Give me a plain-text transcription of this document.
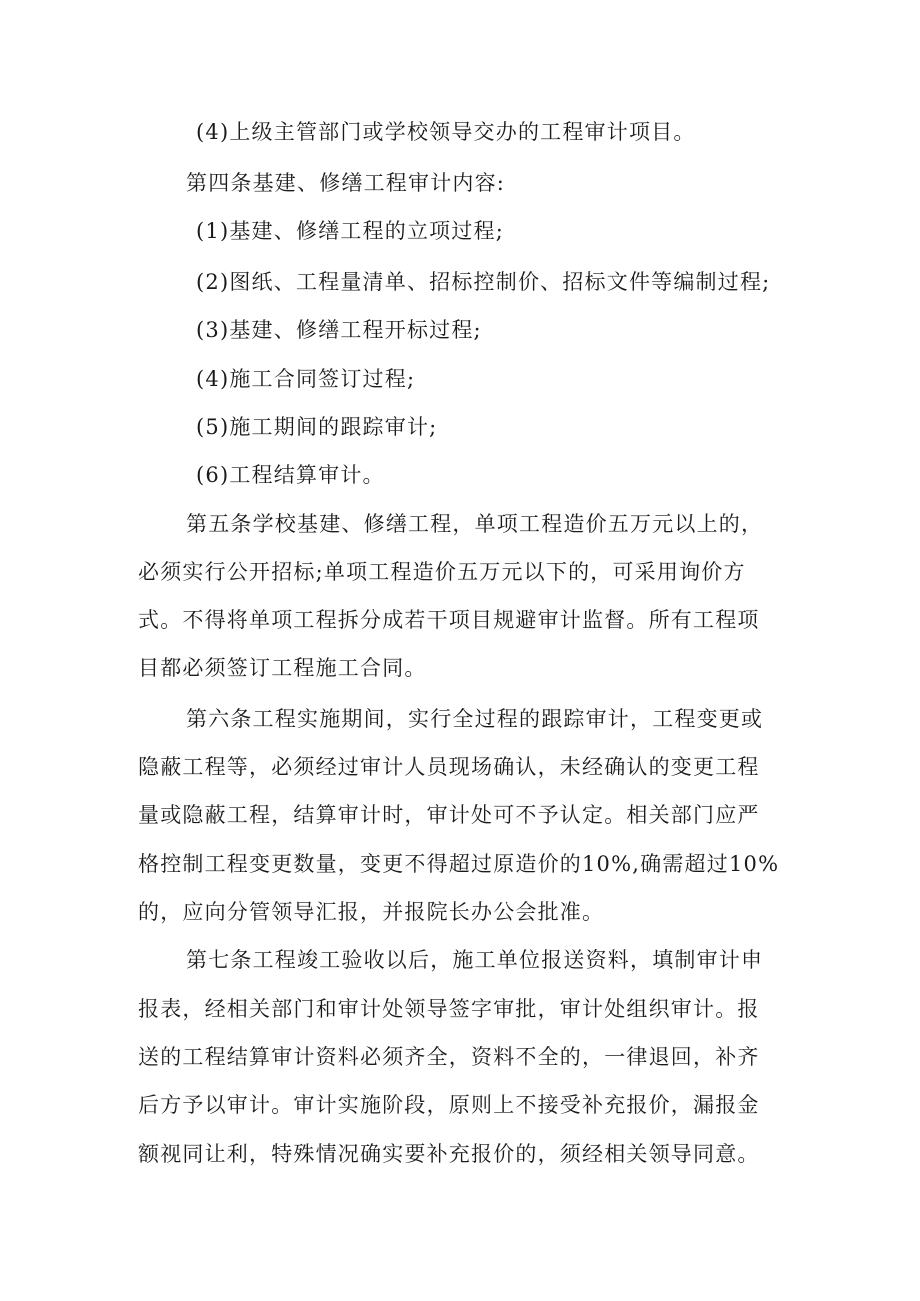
(4)上级主管部门或学校领导交办的工程审计项目。

第四条基建、修缮工程审计内容:

(1)基建、修缮工程的立项过程;

(2)图纸、工程量清单、招标控制价、招标文件等编制过程;

(3)基建、修缮工程开标过程;

(4)施工合同签订过程;

(5)施工期间的跟踪审计;

(6)工程结算审计。

第五条学校基建、修缮工程，单项工程造价五万元以上的，

必须实行公开招标;单项工程造价五万元以下的，可采用询价方

式。不得将单项工程拆分成若干项目规避审计监督。所有工程项

目都必须签订工程施工合同。

第六条工程实施期间，实行全过程的跟踪审计，工程变更或

隐蔽工程等，必须经过审计人员现场确认，未经确认的变更工程

量或隐蔽工程，结算审计时，审计处可不予认定。相关部门应严

格控制工程变更数量，变更不得超过原造价的10%,确需超过10%

的，应向分管领导汇报，并报院长办公会批准。

第七条工程竣工验收以后，施工单位报送资料，填制审计申

报表，经相关部门和审计处领导签字审批，审计处组织审计。报

送的工程结算审计资料必须齐全，资料不全的，一律退回，补齐

后方予以审计。审计实施阶段，原则上不接受补充报价，漏报金

额视同让利，特殊情况确实要补充报价的，须经相关领导同意。
